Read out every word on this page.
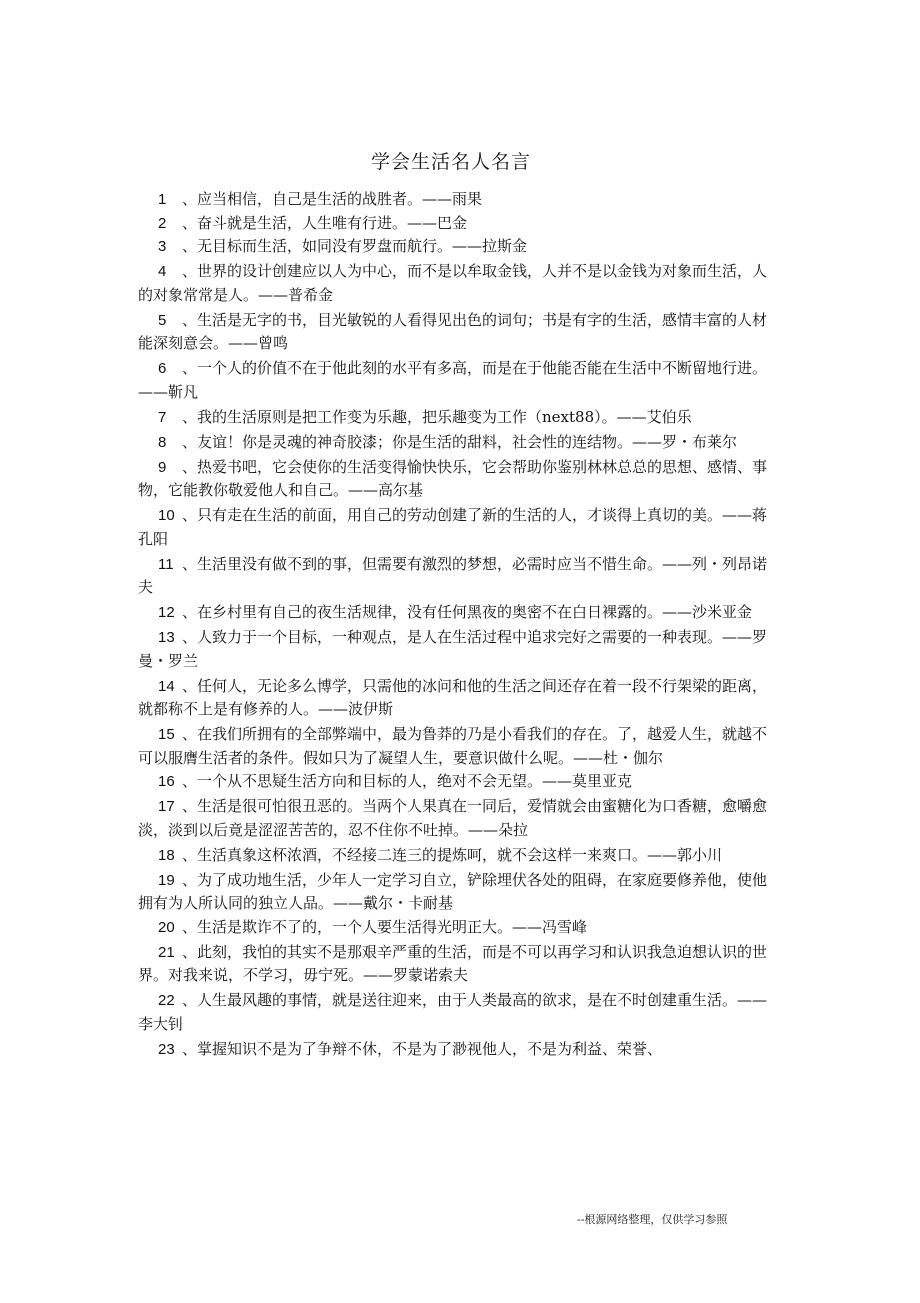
学会生活名人名言
1 、应当相信，自己是生活的战胜者。——雨果
2 、奋斗就是生活，人生唯有行进。——巴金
3 、无目标而生活，如同没有罗盘而航行。——拉斯金
4 、世界的设计创建应以人为中心，而不是以牟取金钱，人并不是以金钱为对象而生活，人的对象常常是人。——普希金
5 、生活是无字的书，目光敏锐的人看得见出色的词句；书是有字的生活，感情丰富的人材能深刻意会。——曾鸣
6 、一个人的价值不在于他此刻的水平有多高，而是在于他能否能在生活中不断留地行进。——靳凡
7 、我的生活原则是把工作变为乐趣，把乐趣变为工作（next88）。——艾伯乐
8 、友谊！你是灵魂的神奇胶漆；你是生活的甜料，社会性的连结物。——罗・布莱尔
9 、热爱书吧，它会使你的生活变得愉快快乐，它会帮助你鉴别林林总总的思想、感情、事物，它能教你敬爱他人和自己。——高尔基
10 、只有走在生活的前面，用自己的劳动创建了新的生活的人，才谈得上真切的美。——蒋孔阳
11 、生活里没有做不到的事，但需要有激烈的梦想，必需时应当不惜生命。——列・列昂诺夫
12 、在乡村里有自己的夜生活规律，没有任何黑夜的奥密不在白日裸露的。——沙米亚金
13 、人致力于一个目标，一种观点，是人在生活过程中追求完好之需要的一种表现。——罗曼・罗兰
14 、任何人，无论多么博学，只需他的冰问和他的生活之间还存在着一段不行架梁的距离，就都称不上是有修养的人。——波伊斯
15 、在我们所拥有的全部弊端中，最为鲁莽的乃是小看我们的存在。了，越爱人生，就越不可以服膺生活者的条件。假如只为了凝望人生，要意识做什么呢。——杜・伽尔
16 、一个从不思疑生活方向和目标的人，绝对不会无望。——莫里亚克
17 、生活是很可怕很丑恶的。当两个人果真在一同后，爱情就会由蜜糖化为口香糖，愈嚼愈淡，淡到以后竟是涩涩苦苦的，忍不住你不吐掉。——朵拉
18 、生活真象这杯浓酒，不经接二连三的提炼呵，就不会这样一来爽口。——郭小川
19 、为了成功地生活，少年人一定学习自立，铲除埋伏各处的阻碍，在家庭要修养他，使他拥有为人所认同的独立人品。——戴尔・卡耐基
20 、生活是欺诈不了的，一个人要生活得光明正大。——冯雪峰
21 、此刻，我怕的其实不是那艰辛严重的生活，而是不可以再学习和认识我急迫想认识的世界。对我来说，不学习，毋宁死。——罗蒙诺索夫
22 、人生最风趣的事情，就是送往迎来，由于人类最高的欲求，是在不时创建重生活。——李大钊
23 、掌握知识不是为了争辩不休，不是为了渺视他人，不是为利益、荣誉、
--根源网络整理，仅供学习参照
